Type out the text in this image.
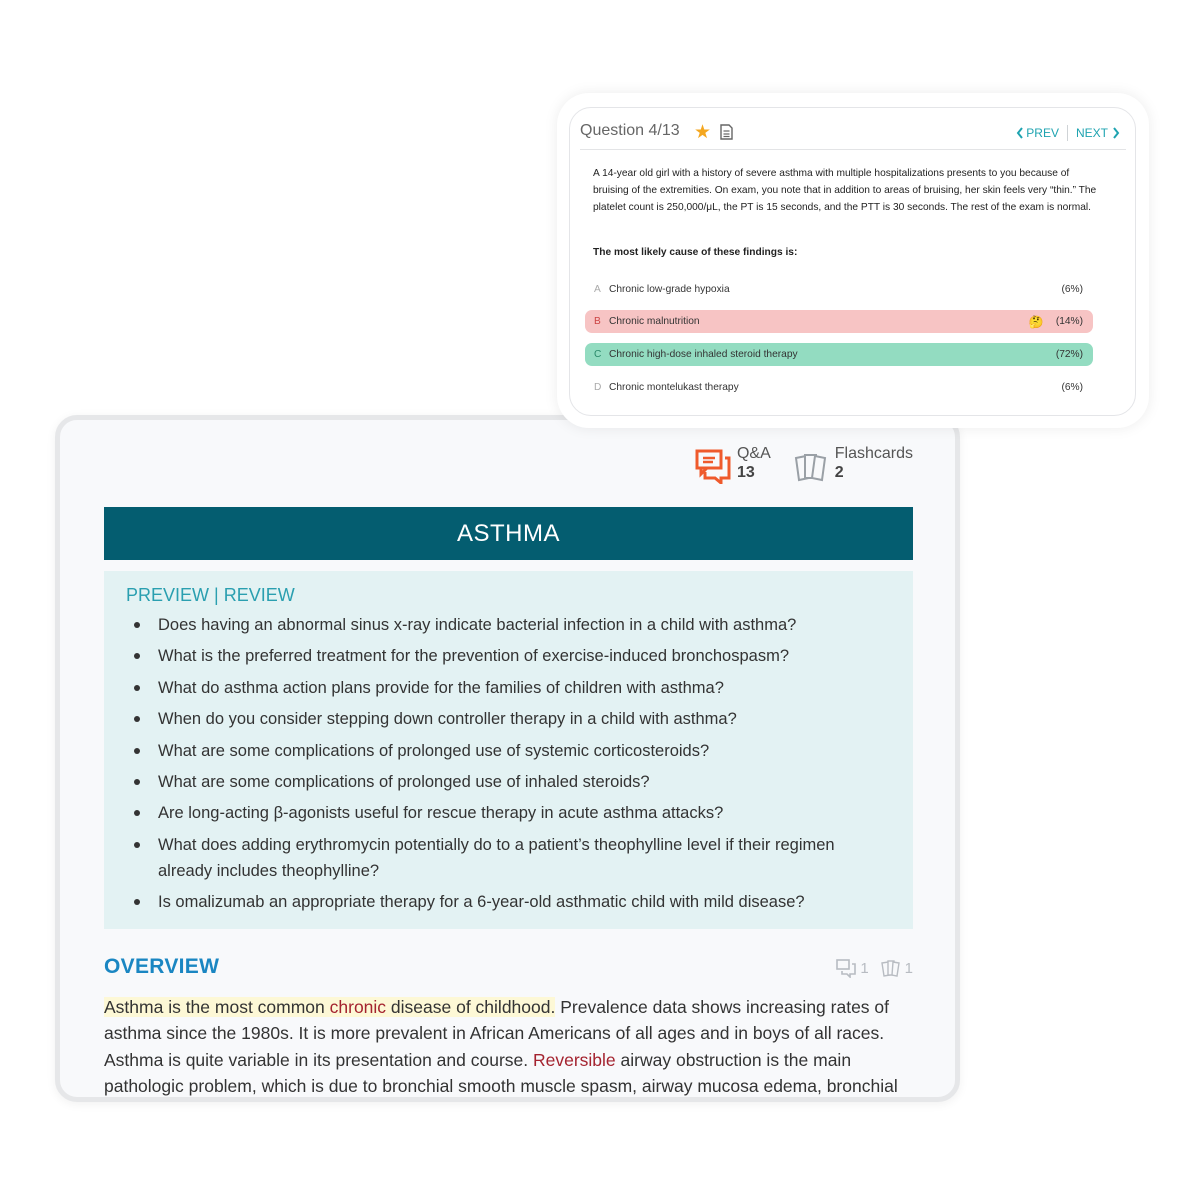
Q&A
13
Flashcards
2
ASTHMA
PREVIEW | REVIEW
Does having an abnormal sinus x-ray indicate bacterial infection in a child with asthma?
What is the preferred treatment for the prevention of exercise-induced bronchospasm?
What do asthma action plans provide for the families of children with asthma?
When do you consider stepping down controller therapy in a child with asthma?
What are some complications of prolonged use of systemic corticosteroids?
What are some complications of prolonged use of inhaled steroids?
Are long-acting β-agonists useful for rescue therapy in acute asthma attacks?
What does adding erythromycin potentially do to a patient’s theophylline level if their regimen already includes theophylline?
Is omalizumab an appropriate therapy for a 6-year-old asthmatic child with mild disease?
OVERVIEW	1 1

Asthma is the most common chronic disease of childhood. Prevalence data shows increasing rates of asthma since the 1980s. It is more prevalent in African Americans of all ages and in boys of all races. Asthma is quite variable in its presentation and course. Reversible airway obstruction is the main pathologic problem, which is due to bronchial smooth muscle spasm, airway mucosa edema, bronchial

Question 4/13 ★	PREV NEXT

A 14-year old girl with a history of severe asthma with multiple hospitalizations presents to you because of bruising of the extremities. On exam, you note that in addition to areas of bruising, her skin feels very “thin.” The platelet count is 250,000/μL, the PT is 15 seconds, and the PTT is 30 seconds. The rest of the exam is normal.

The most likely cause of these findings is:

A Chronic low-grade hypoxia	(6%)
B Chronic malnutrition	🤔 (14%)
C Chronic high-dose inhaled steroid therapy	(72%)
D Chronic montelukast therapy	(6%)
